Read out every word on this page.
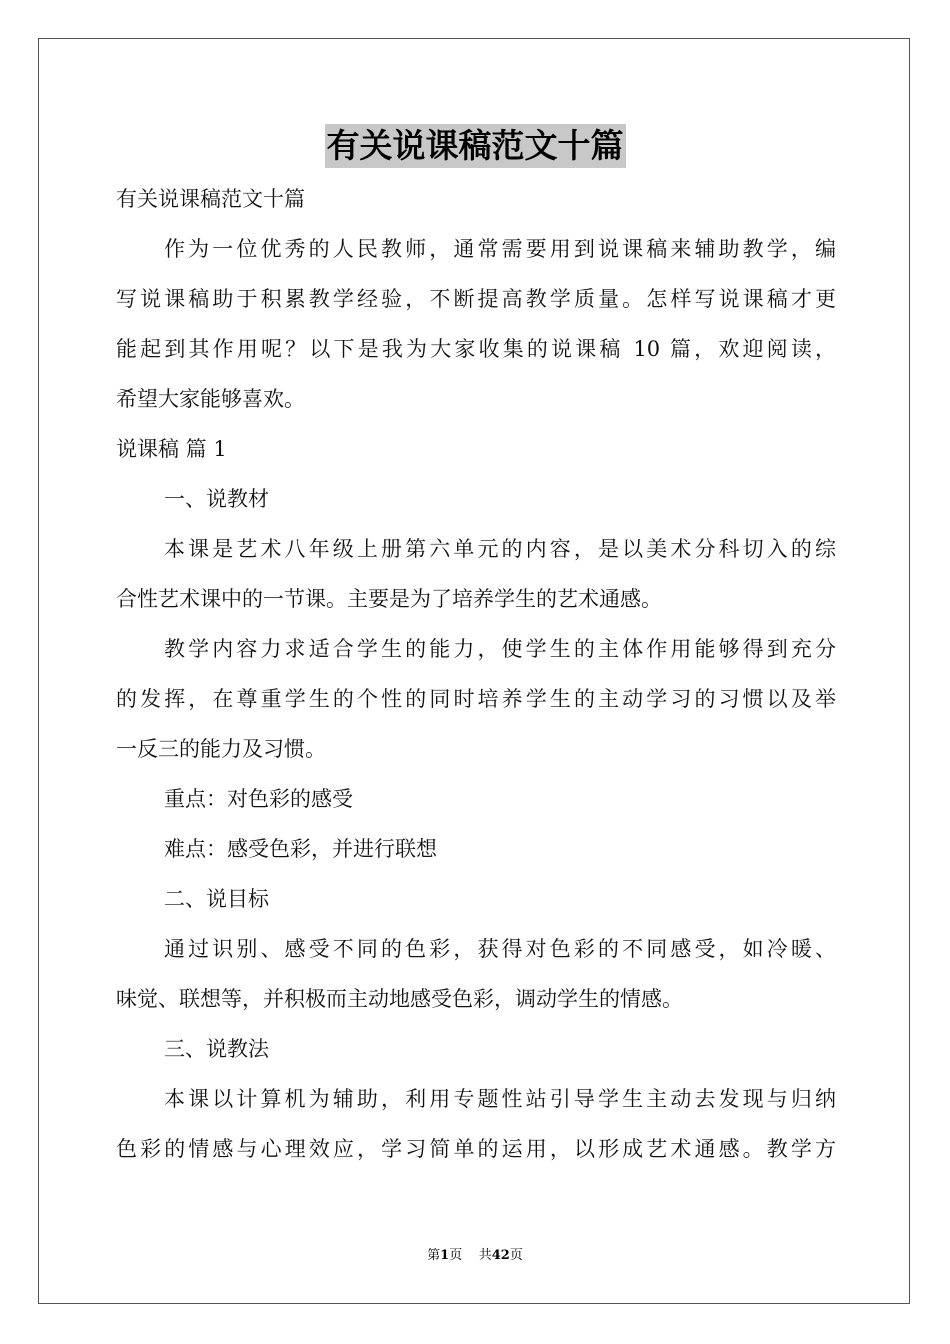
有关说课稿范文十篇
有关说课稿范文十篇
作为一位优秀的人民教师，通常需要用到说课稿来辅助教学，编
写说课稿助于积累教学经验，不断提高教学质量。怎样写说课稿才更
能起到其作用呢？以下是我为大家收集的说课稿 10 篇，欢迎阅读，
希望大家能够喜欢。
说课稿 篇 1
一、说教材
本课是艺术八年级上册第六单元的内容，是以美术分科切入的综
合性艺术课中的一节课。主要是为了培养学生的艺术通感。
教学内容力求适合学生的能力，使学生的主体作用能够得到充分
的发挥，在尊重学生的个性的同时培养学生的主动学习的习惯以及举
一反三的能力及习惯。
重点：对色彩的感受
难点：感受色彩，并进行联想
二、说目标
通过识别、感受不同的色彩，获得对色彩的不同感受，如冷暖、
味觉、联想等，并积极而主动地感受色彩，调动学生的情感。
三、说教法
本课以计算机为辅助，利用专题性站引导学生主动去发现与归纳
色彩的情感与心理效应，学习简单的运用，以形成艺术通感。教学方
第1页 共42页
